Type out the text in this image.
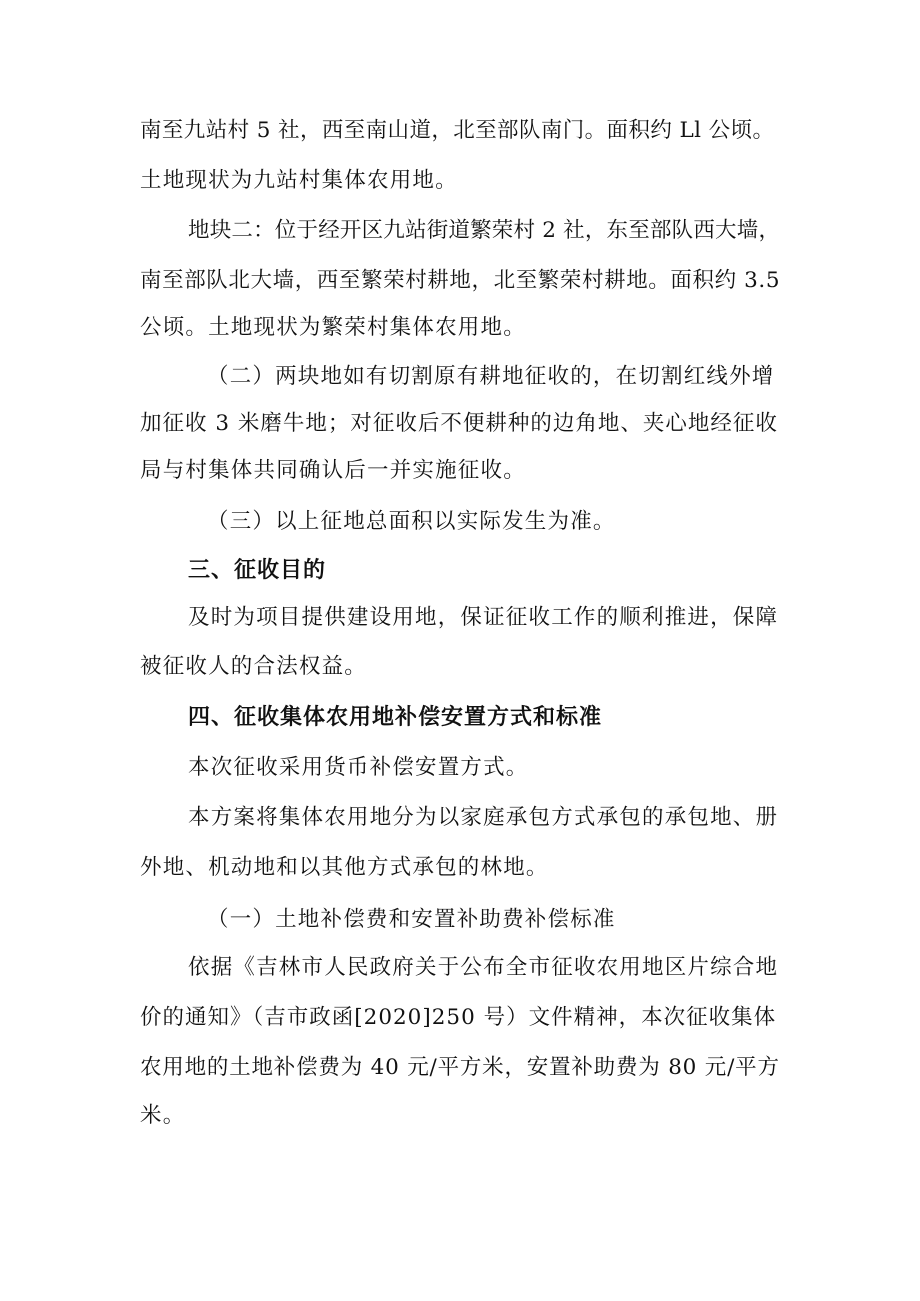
南至九站村 5 社，西至南山道，北至部队南门。面积约 Ll 公顷。
土地现状为九站村集体农用地。
地块二：位于经开区九站街道繁荣村 2 社，东至部队西大墙，
南至部队北大墙，西至繁荣村耕地，北至繁荣村耕地。面积约 3.5
公顷。土地现状为繁荣村集体农用地。
（二）两块地如有切割原有耕地征收的，在切割红线外增
加征收 3 米磨牛地；对征收后不便耕种的边角地、夹心地经征收
局与村集体共同确认后一并实施征收。
（三）以上征地总面积以实际发生为准。
三、征收目的
及时为项目提供建设用地，保证征收工作的顺利推进，保障
被征收人的合法权益。
四、征收集体农用地补偿安置方式和标准
本次征收采用货币补偿安置方式。
本方案将集体农用地分为以家庭承包方式承包的承包地、册
外地、机动地和以其他方式承包的林地。
（一）土地补偿费和安置补助费补偿标准
依据《吉林市人民政府关于公布全市征收农用地区片综合地
价的通知》（吉市政函[2020]250 号）文件精神，本次征收集体
农用地的土地补偿费为 40 元/平方米，安置补助费为 80 元/平方
米。
